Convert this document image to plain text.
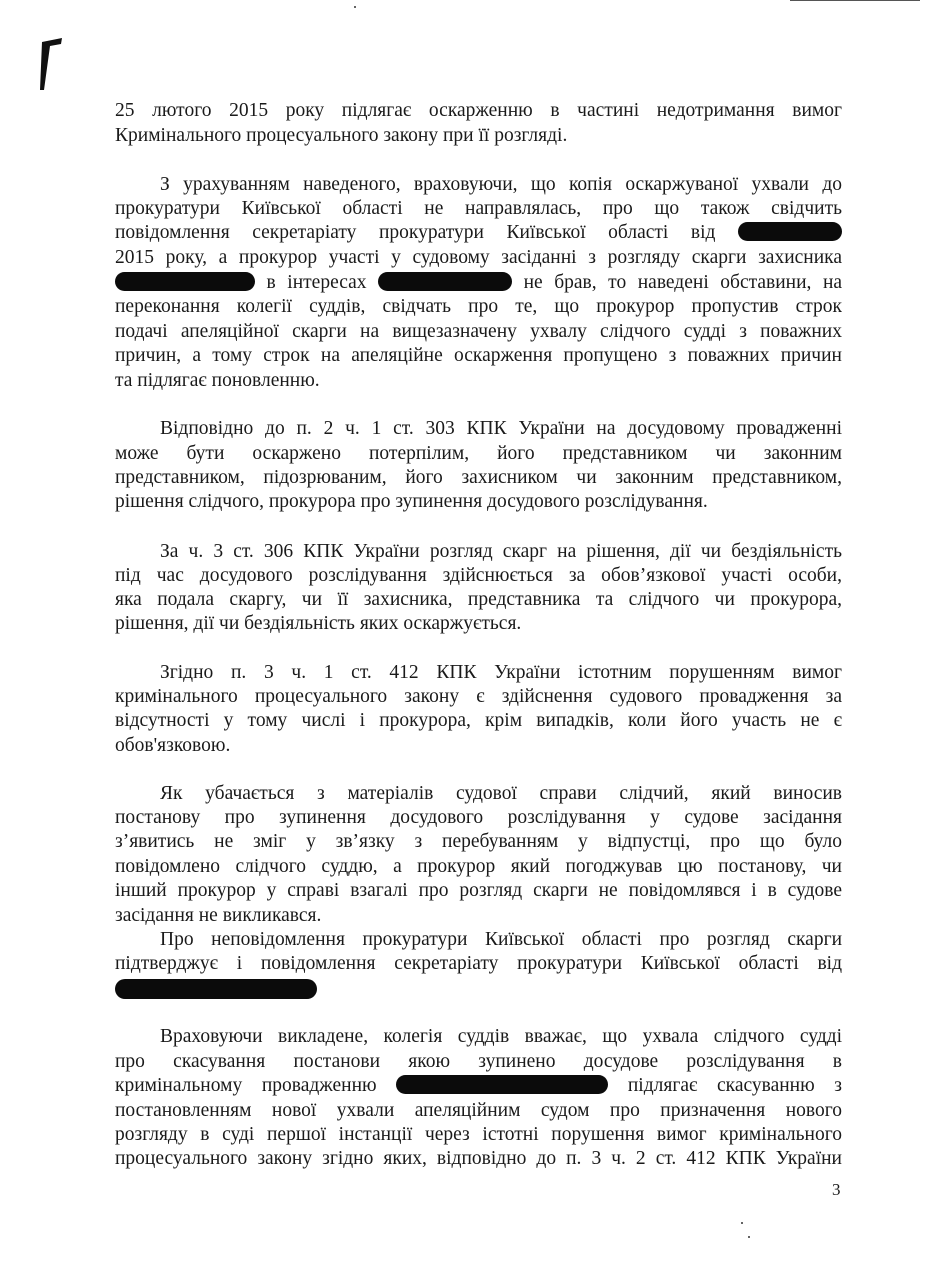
25 лютого 2015 року підлягає оскарженню в частині недотримання вимог
Кримінального процесуального закону при її розгляді.
З урахуванням наведеного, враховуючи, що копія оскаржуваної ухвали до
прокуратури Київської області не направлялась, про що також свідчить
повідомлення секретаріату прокуратури Київської області від
2015 року, а прокурор участі у судовому засіданні з розгляду скарги захисника
в інтересах	не брав, то наведені обставини, на
переконання колегії суддів, свідчать про те, що прокурор пропустив строк
подачі апеляційної скарги на вищезазначену ухвалу слідчого судді з поважних
причин, а тому строк на апеляційне оскарження пропущено з поважних причин
та підлягає поновленню.
Відповідно до п. 2 ч. 1 ст. 303 КПК України на досудовому провадженні
може бути оскаржено потерпілим, його представником чи законним
представником, підозрюваним, його захисником чи законним представником,
рішення слідчого, прокурора про зупинення досудового розслідування.
За ч. 3 ст. 306 КПК України розгляд скарг на рішення, дії чи бездіяльність
під час досудового розслідування здійснюється за обов’язкової участі особи,
яка подала скаргу, чи її захисника, представника та слідчого чи прокурора,
рішення, дії чи бездіяльність яких оскаржується.
Згідно п. 3 ч. 1 ст. 412 КПК України істотним порушенням вимог
кримінального процесуального закону є здійснення судового провадження за
відсутності у тому числі і прокурора, крім випадків, коли його участь не є
обов'язковою.
Як убачається з матеріалів судової справи слідчий, який виносив
постанову про зупинення досудового розслідування у судове засідання
з’явитись не зміг у зв’язку з перебуванням у відпустці, про що було
повідомлено слідчого суддю, а прокурор який погоджував цю постанову, чи
інший прокурор у справі взагалі про розгляд скарги не повідомлявся і в судове
засідання не викликався.
Про неповідомлення прокуратури Київської області про розгляд скарги
підтверджує і повідомлення секретаріату прокуратури Київської області від
Враховуючи викладене, колегія суддів вважає, що ухвала слідчого судді
про скасування постанови якою зупинено досудове розслідування в
кримінальному провадженню	підлягає скасуванню з
постановленням нової ухвали апеляційним судом про призначення нового
розгляду в суді першої інстанції через істотні порушення вимог кримінального
процесуального закону згідно яких, відповідно до п. 3 ч. 2 ст. 412 КПК України
3
